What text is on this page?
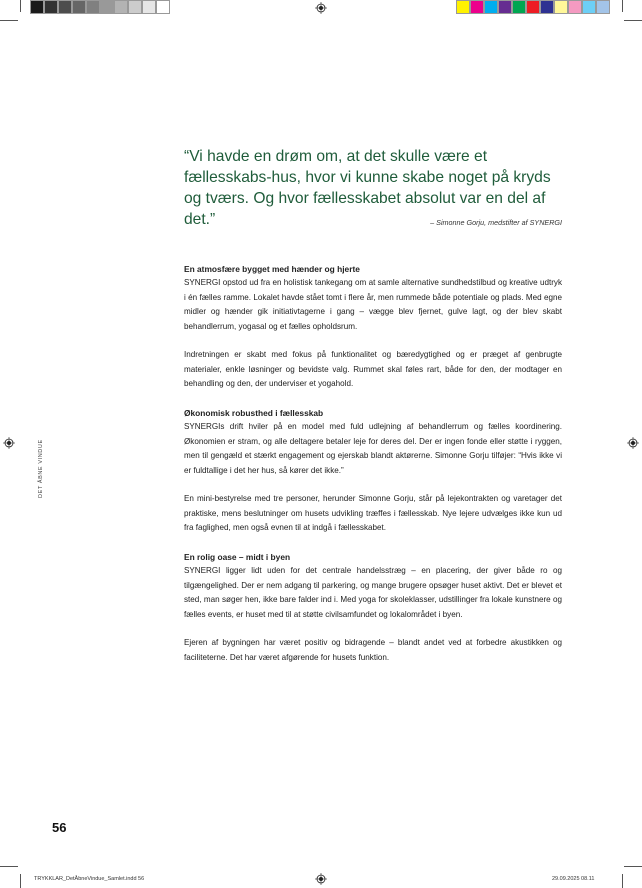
“Vi havde en drøm om, at det skulle være et fællesskabs-hus, hvor vi kunne skabe noget på kryds og tværs. Og hvor fællesskabet absolut var en del af det.”	– Simonne Gorju, medstifter af SYNERGI

En atmosfære bygget med hænder og hjerte

SYNERGI opstod ud fra en holistisk tankegang om at samle alternative sundhedstilbud og kreative udtryk i én fælles ramme. Lokalet havde stået tomt i flere år, men rummede både potentiale og plads. Med egne midler og hænder gik initiativtagerne i gang – vægge blev fjernet, gulve lagt, og der blev skabt behandlerrum, yogasal og et fælles opholdsrum.

Indretningen er skabt med fokus på funktionalitet og bæredygtighed og er præget af genbrugte materialer, enkle løsninger og bevidste valg. Rummet skal føles rart, både for den, der modtager en behandling og den, der underviser et yogahold.

Økonomisk robusthed i fællesskab

SYNERGIs drift hviler på en model med fuld udlejning af behandlerrum og fælles koordinering. Økonomien er stram, og alle deltagere betaler leje for deres del. Der er ingen fonde eller støtte i ryggen, men til gengæld et stærkt engagement og ejerskab blandt aktørerne. Simonne Gorju tilføjer: “Hvis ikke vi er fuldtallige i det her hus, så kører det ikke.”

En mini-bestyrelse med tre personer, herunder Simonne Gorju, står på lejekontrakten og varetager det praktiske, mens beslutninger om husets udvikling træffes i fællesskab. Nye lejere udvælges ikke kun ud fra faglighed, men også evnen til at indgå i fællesskabet.

En rolig oase – midt i byen

SYNERGI ligger lidt uden for det centrale handelsstræg – en placering, der giver både ro og tilgængelighed. Der er nem adgang til parkering, og mange brugere opsøger huset aktivt. Det er blevet et sted, man søger hen, ikke bare falder ind i. Med yoga for skoleklasser, udstillinger fra lokale kunstnere og fælles events, er huset med til at støtte civilsamfundet og lokalområdet i byen.

Ejeren af bygningen har været positiv og bidragende – blandt andet ved at forbedre akustikken og faciliteterne. Det har været afgørende for husets funktion.

DET ÅBNE VINDUE
56
TRYKKLAR_DetÅbneVindue_Samlet.indd 56	29.09.2025 08.11
